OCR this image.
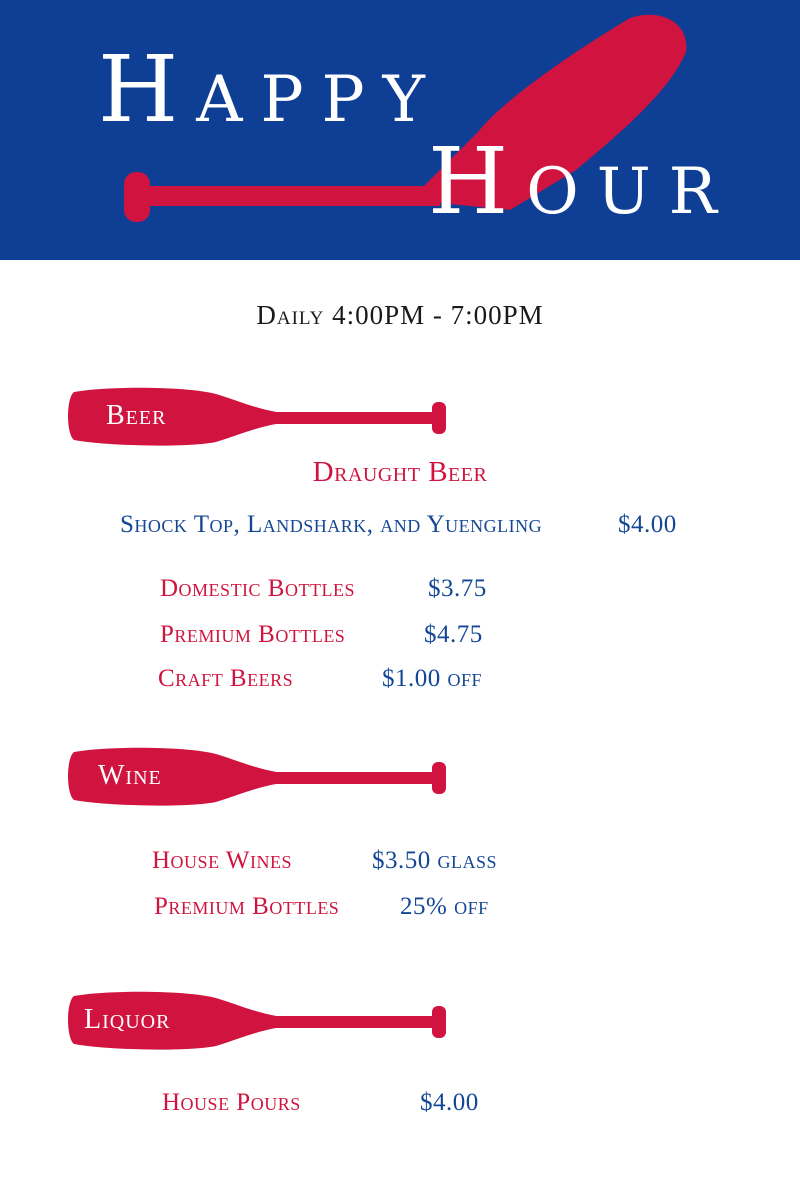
Happy
Hour
Daily 4:00PM - 7:00PM
Beer
Draught Beer
Shock Top, Landshark, and Yuengling	$4.00
Domestic Bottles	$3.75
Premium Bottles	$4.75
Craft Beers	$1.00 off
Wine
House Wines	$3.50 glass
Premium Bottles 25% off
Liquor
House Pours	$4.00
